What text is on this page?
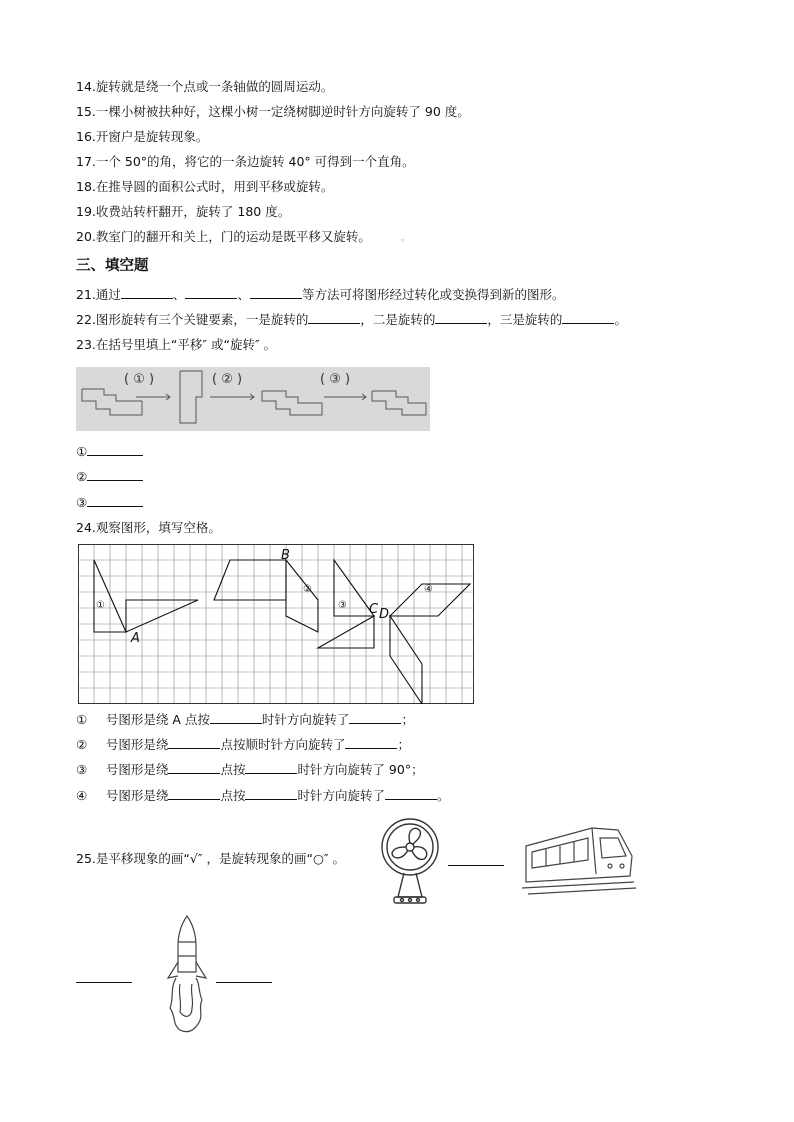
14.旋转就是绕一个点或一条轴做的圆周运动。
15.一棵小树被扶种好，这棵小树一定绕树脚逆时针方向旋转了 90 度。
16.开窗户是旋转现象。
17.一个 50°的角，将它的一条边旋转 40° 可得到一个直角。
18.在推导圆的面积公式时，用到平移或旋转。
19.收费站转杆翻开，旋转了 180 度。
20.教室门的翻开和关上，门的运动是既平移又旋转。	[ ]
三、填空题
21.通过	、	、	等方法可将图形经过转化或变换得到新的图形。
22.图形旋转有三个关键要素，一是旋转的	，二是旋转的	，三是旋转的	。
23.在括号里填上“平移″ 或“旋转″ 。
( ① )	( ② )	( ③ )
①
②
③
24.观察图形，填写空格。
①
②
③
④
A
B
C D
① 号图形是绕 A 点按	时针方向旋转了	；
② 号图形是绕	点按顺时针方向旋转了	；
③ 号图形是绕	点按	时针方向旋转了 90°；
④ 号图形是绕	点按	时针方向旋转了	。
25.是平移现象的画“√″ ，是旋转现象的画“○″ 。
